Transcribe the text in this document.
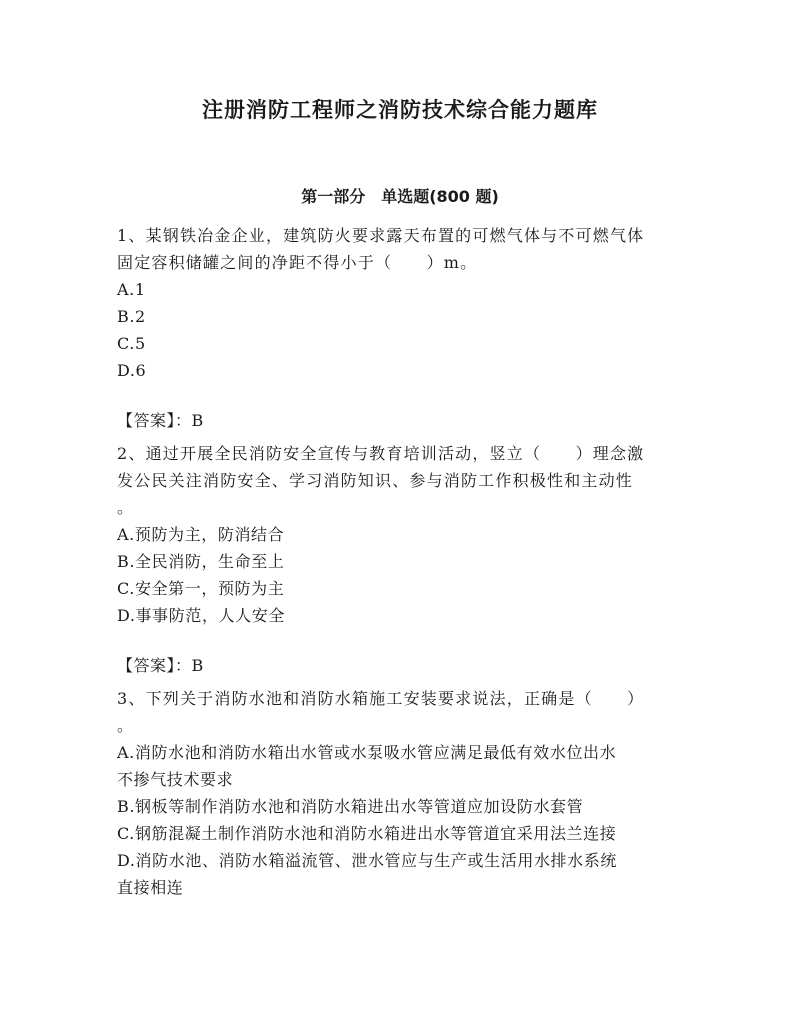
注册消防工程师之消防技术综合能力题库
第一部分　单选题(800 题)
1、某钢铁冶金企业，建筑防火要求露天布置的可燃气体与不可燃气体
固定容积储罐之间的净距不得小于（　　）m。
A.1
B.2
C.5
D.6
【答案】：B
2、通过开展全民消防安全宣传与教育培训活动，竖立（　　）理念激
发公民关注消防安全、学习消防知识、参与消防工作积极性和主动性
。
A.预防为主，防消结合
B.全民消防，生命至上
C.安全第一，预防为主
D.事事防范，人人安全
【答案】：B
3、下列关于消防水池和消防水箱施工安装要求说法，正确是（　　）
。
A.消防水池和消防水箱出水管或水泵吸水管应满足最低有效水位出水
不掺气技术要求
B.钢板等制作消防水池和消防水箱进出水等管道应加设防水套管
C.钢筋混凝土制作消防水池和消防水箱进出水等管道宜采用法兰连接
D.消防水池、消防水箱溢流管、泄水管应与生产或生活用水排水系统
直接相连
